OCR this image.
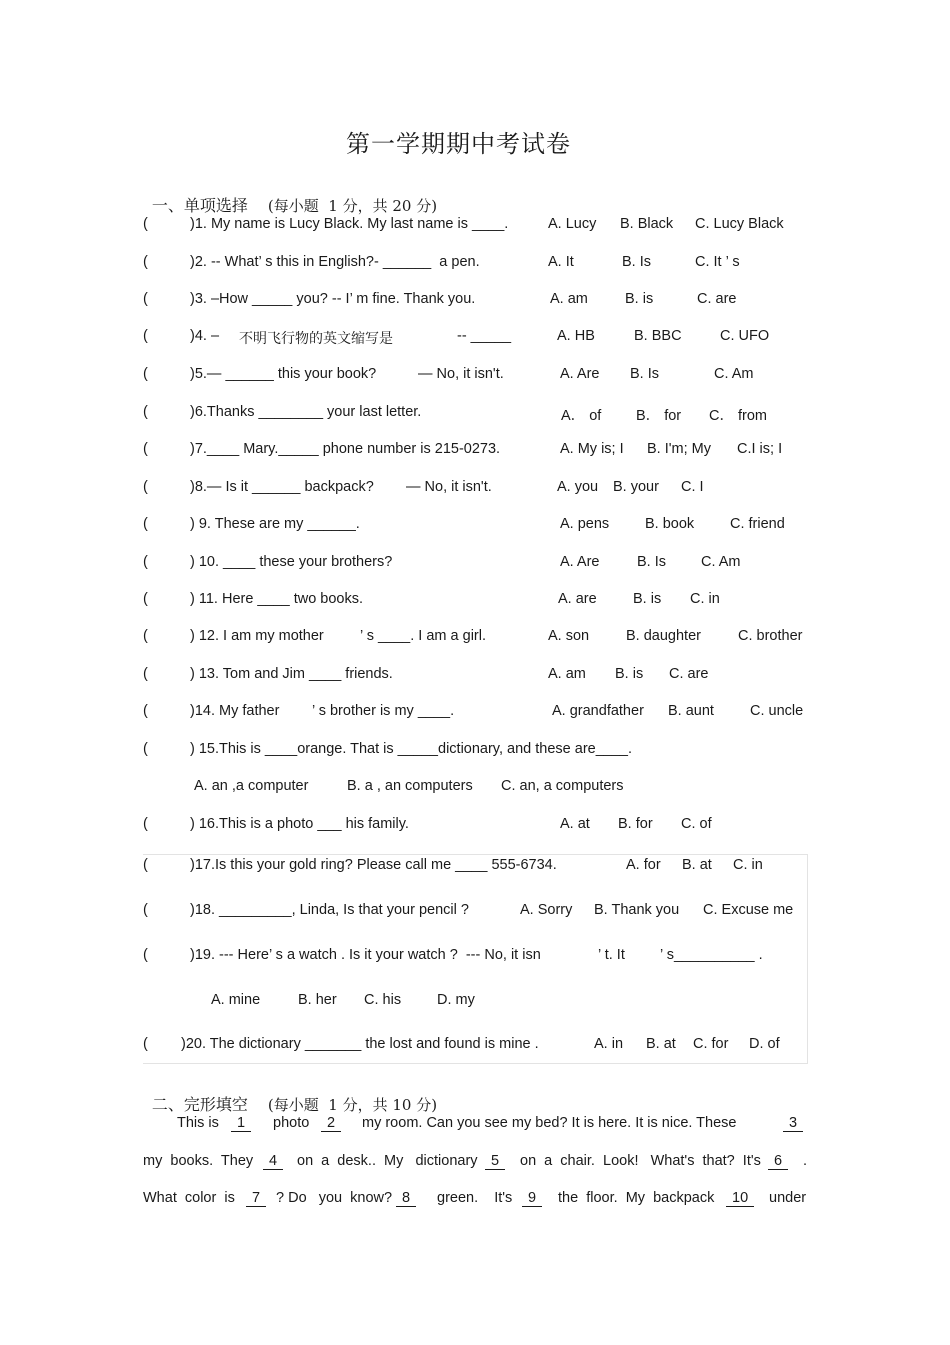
第一学期期中考试卷

一、单项选择 (每小题  1 分，共 20 分)

(	)1. My name is Lucy Black. My last name is ____.	A. Lucy B. Black C. Lucy Black
(	)2. -- What’ s this in English?- ______  a pen.	A. It	B. Is	C. It ’ s
(	)3. –How _____ you? -- I’ m fine. Thank you.	A. am	B. is	C. are
(	)4. – 不明飞行物的英文缩写是	-- _____	A. HB	B. BBC	C. UFO
(	)5.— ______ this your book?	— No, it isn't.	A. Are B. Is	C. Am
(	)6.Thanks ________ your last letter.	A． of B． for C． from
(	)7.____ Mary._____ phone number is 215-0273.	A. My is; I B. I'm; My C.I is; I
(	)8.— Is it ______ backpack? — No, it isn't.	A. you B. your C. I
(	) 9. These are my ______.	A. pens B. book C. friend
(	) 10. ____ these your brothers?	A. Are	B. Is C. Am
(	) 11. Here ____ two books.	A. are	B. is C. in
(	) 12. I am my mother ’ s ____. I am a girl.	A. son	B. daughter	C. brother
(	) 13. Tom and Jim ____ friends.	A. am B. is C. are
(	)14. My father ’ s brother is my ____.	A. grandfather B. aunt C. uncle
(	) 15.This is ____orange. That is _____dictionary, and these are____.
A. an ,a computer	B. a , an computers C. an, a computers
(	) 16.This is a photo ___ his family.	A. at B. for C. of
(	)17.Is this your gold ring? Please call me ____ 555-6734.	A. for B. at C. in
(	)18. _________, Linda, Is that your pencil ?	A. Sorry B. Thank you C. Excuse me
(	)19. --- Here’ s a watch . Is it your watch ?  --- No, it isn	’ t. It ’ s__________ .
A. mine	B. her C. his D. my
( )20. The dictionary _______ the lost and found is mine .	A. in B. at C. for D. of

二、完形填空 (每小题  1 分，共 10 分)

This is	1	photo	2	my room. Can you see my bed? It is here. It is nice. These	3
my  books.  They	4	on  a  desk..  My   dictionary 5	on  a  chair.  Look!   What's  that?  It's 6	.
What  color  is	7	? Do   you  know? 8	green.    It's	9	the  floor.  My  backpack	10	under
